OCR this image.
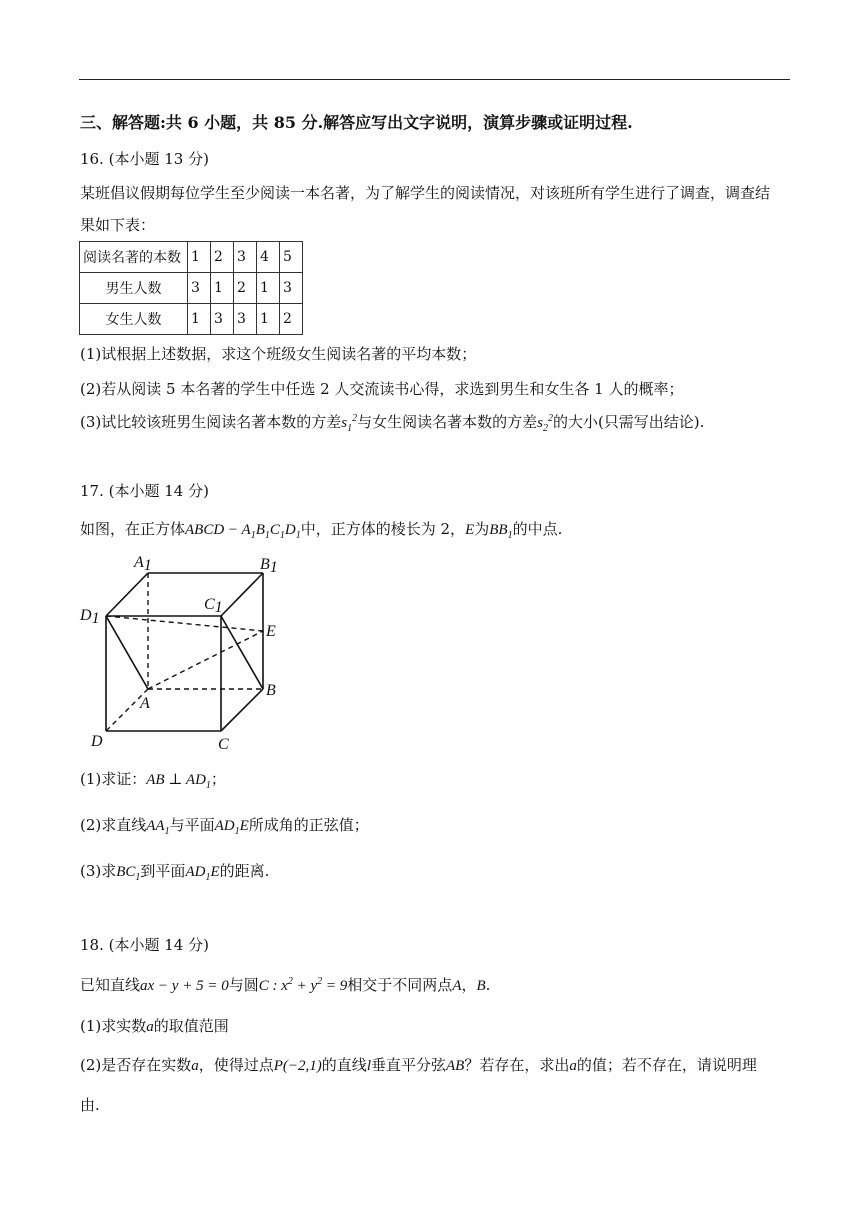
三、解答题:共 6 小题，共 85 分.解答应写出文字说明，演算步骤或证明过程.
16. (本小题 13 分)
某班倡议假期每位学生至少阅读一本名著，为了解学生的阅读情况，对该班所有学生进行了调查，调查结
果如下表：
阅读名著的本数	1	2	3	4	5
男生人数	3	1	2	1	3
女生人数	1	3	3	1	2
(1)试根据上述数据，求这个班级女生阅读名著的平均本数；
(2)若从阅读 5 本名著的学生中任选 2 人交流读书心得，求选到男生和女生各 1 人的概率；
(3)试比较该班男生阅读名著本数的方差$s_1^2$与女生阅读名著本数的方差$s_2^2$的大小(只需写出结论).
17. (本小题 14 分)
如图，在正方体ABCD − $A_1B_1C_1D_1$中，正方体的棱长为 2，E为$BB_1$的中点.
A1	B1
C1
D1
E
A
B
C
D
(1)求证：AB ⊥ $AD_1$；
(2)求直线$AA_1$与平面$AD_1E$所成角的正弦值；
(3)求$BC_1$到平面$AD_1E$的距离.
18. (本小题 14 分)
已知直线ax − y + 5 = 0与圆C : $x^2 + y^2 = 9$相交于不同两点A，B.
(1)求实数a的取值范围
(2)是否存在实数a，使得过点P(−2,1)的直线l垂直平分弦AB？若存在，求出a的值；若不存在，请说明理
由.
